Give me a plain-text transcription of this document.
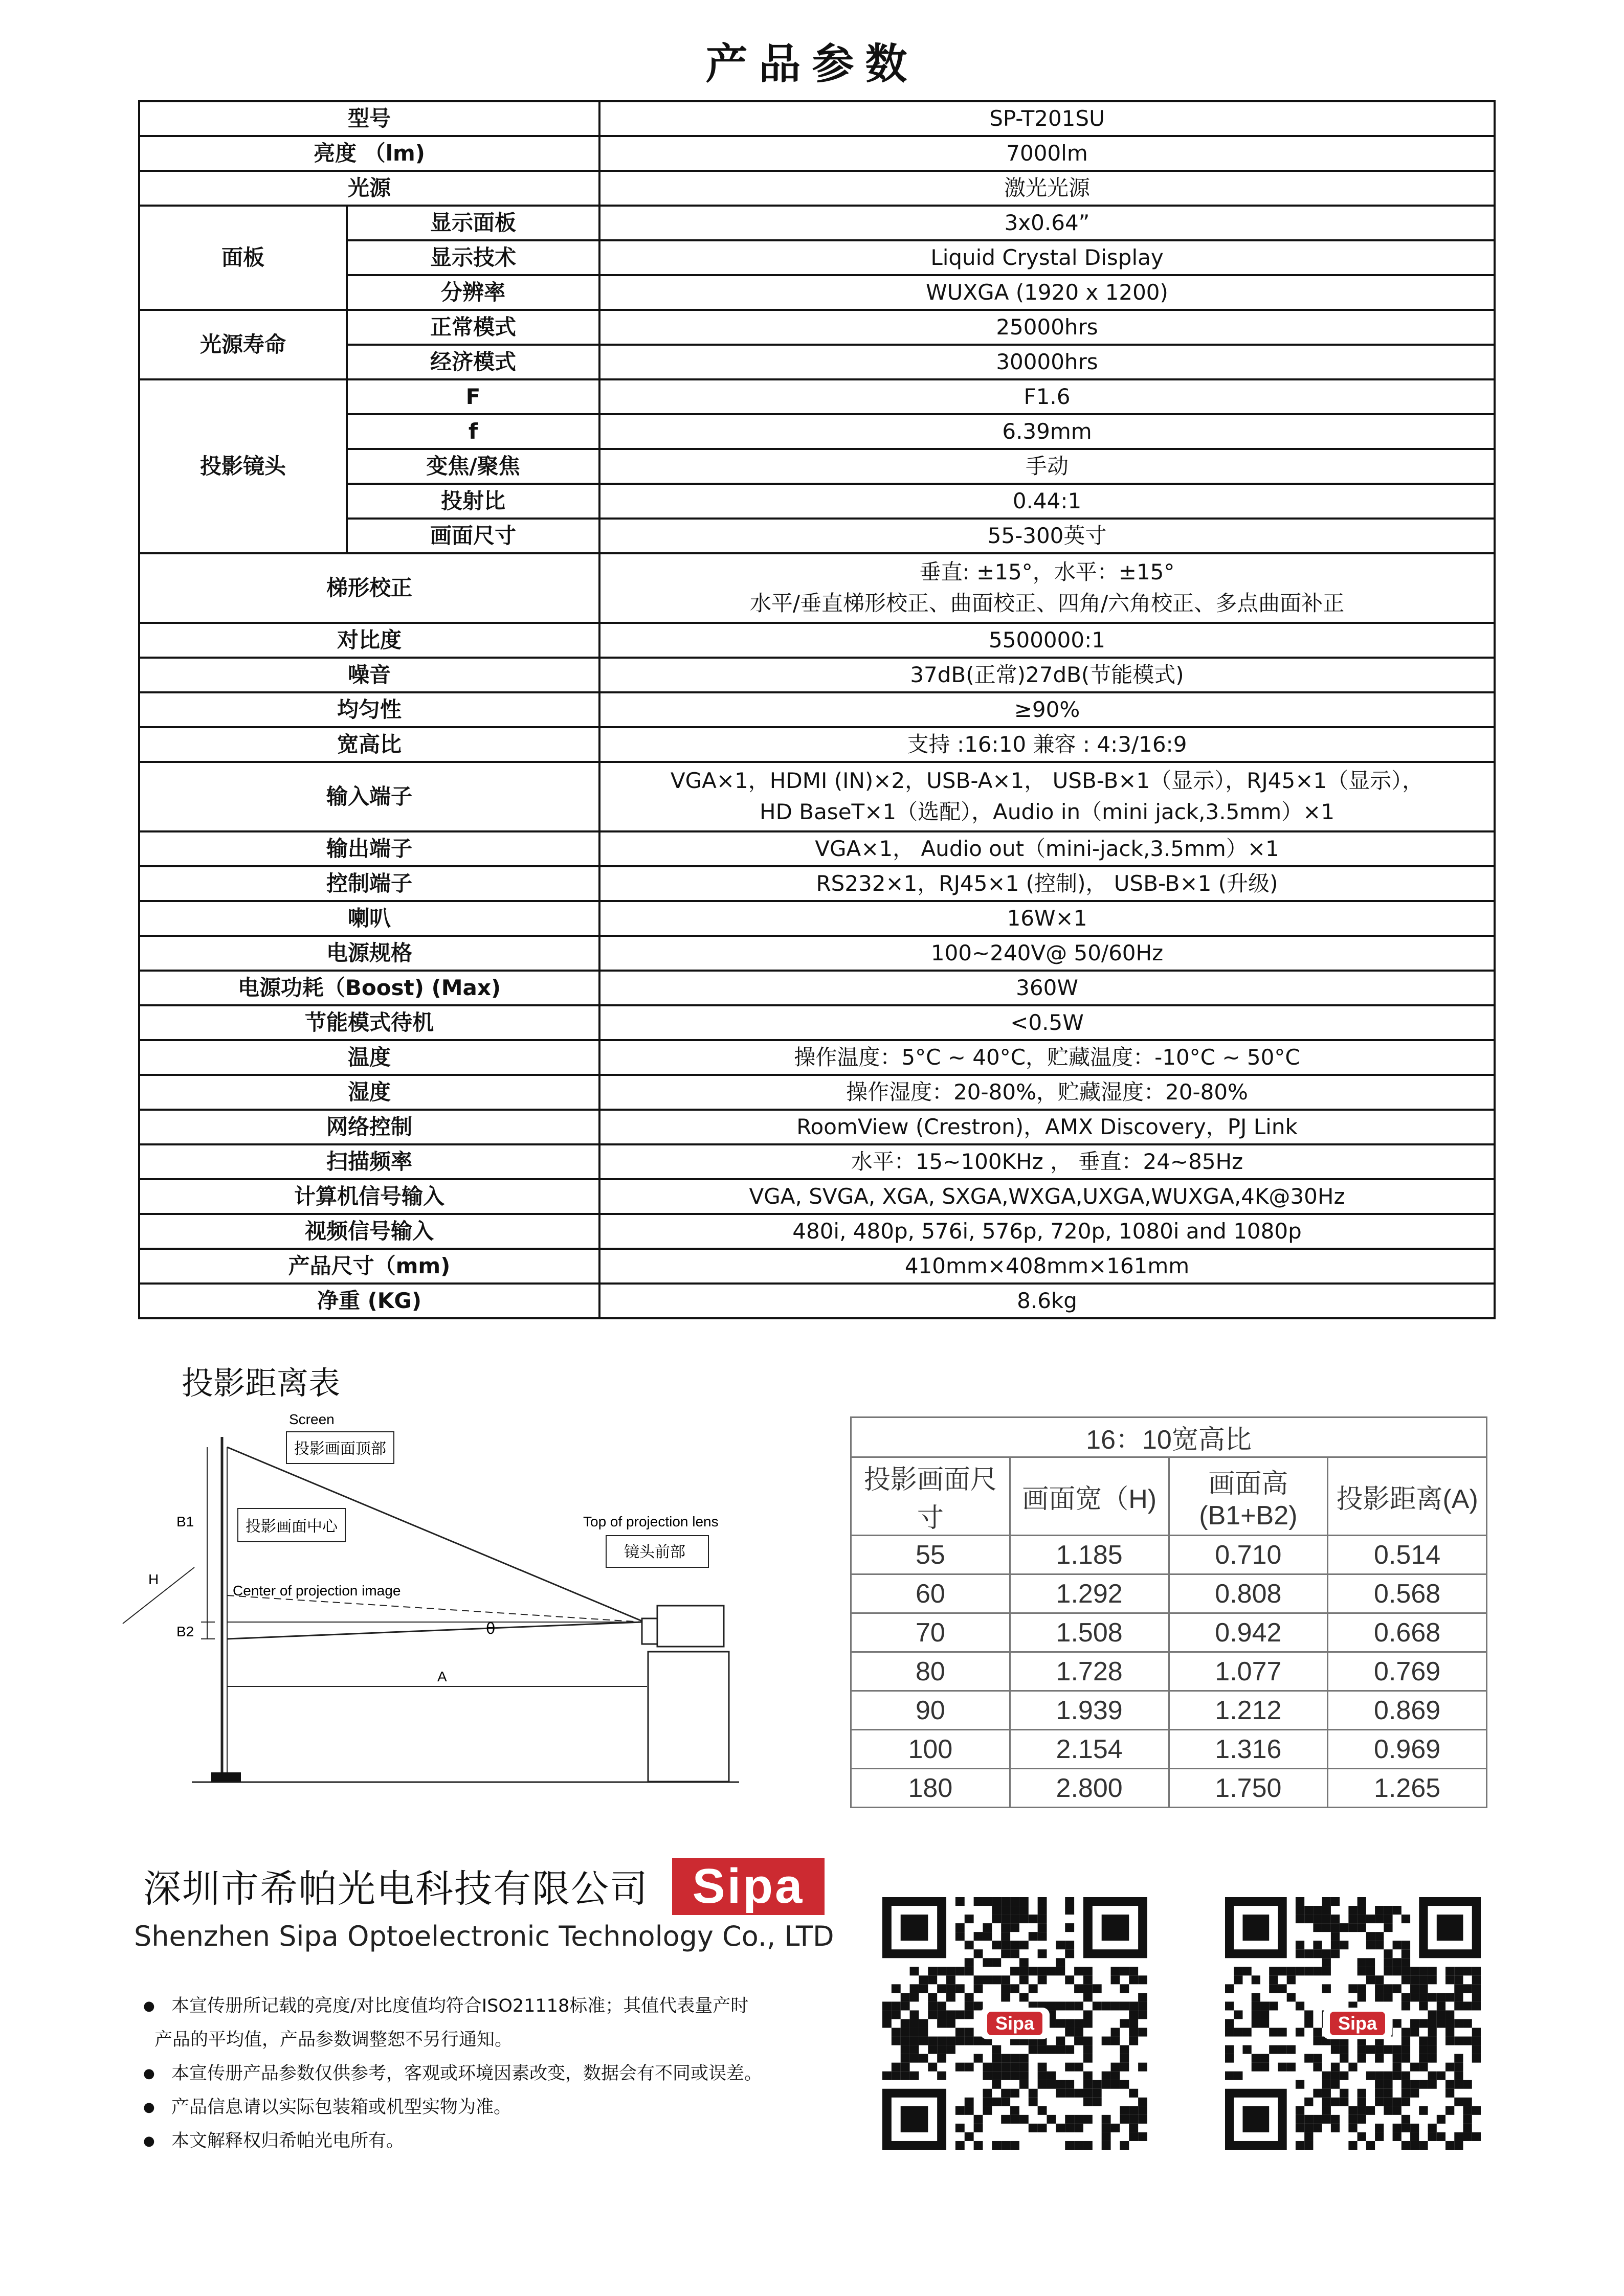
产品参数
型号		SP-T201SU
亮度 （lm)		7000lm
光源		激光光源
面板	显示面板	3x0.64”
	显示技术	Liquid Crystal Display
	分辨率	WUXGA (1920 x 1200)
光源寿命	正常模式	25000hrs
	经济模式	30000hrs
投影镜头	F	F1.6
	f	6.39mm
	变焦/聚焦	手动
	投射比	0.44:1
	画面尺寸	55-300英寸
梯形校正		垂直: ±15°，水平：±15°
水平/垂直梯形校正、曲面校正、四角/六角校正、多点曲面补正

对比度		5500000:1
噪音		37dB(正常)27dB(节能模式)
均匀性		≥90%
宽高比		支持 :16:10 兼容 : 4:3/16:9
输入端子		VGA×1，HDMI (IN)×2，USB-A×1， USB-B×1（显示），RJ45×1（显示），
HD BaseT×1（选配），Audio in（mini jack,3.5mm）×1

输出端子		VGA×1， Audio out（mini-jack,3.5mm）×1
控制端子		RS232×1，RJ45×1 (控制)， USB-B×1 (升级)
喇叭		16W×1
电源规格		100~240V@ 50/60Hz
电源功耗（Boost) (Max)		360W
节能模式待机		<0.5W
温度		操作温度：5°C ~ 40°C，贮藏温度：-10°C ~ 50°C
湿度		操作湿度：20-80%，贮藏湿度：20-80%
网络控制		RoomView (Crestron)，AMX Discovery，PJ Link
扫描频率		水平：15~100KHz ， 垂直：24~85Hz
计算机信号输入		VGA, SVGA, XGA, SXGA,WXGA,UXGA,WUXGA,4K@30Hz
视频信号输入		480i, 480p, 576i, 576p, 720p, 1080i and 1080p
产品尺寸（mm)		410mm×408mm×161mm
净重 (KG)		8.6kg
投影距离表
B1
B2
H
A
θ
Screen
投影画面顶部
投影画面中心
Center of projection image
Top of projection lens
镜头前部
16：10宽高比			
投影画面尺寸	画面宽（H)	画面高(B1+B2)	投影距离(A)
55	1.185	0.710	0.514
60	1.292	0.808	0.568
70	1.508	0.942	0.668
80	1.728	1.077	0.769
90	1.939	1.212	0.869
100	2.154	1.316	0.969
180	2.800	1.750	1.265
深圳市希帕光电科技有限公司 Sipa
Shenzhen Sipa Optoelectronic Technology Co., LTD
● 本宣传册所记载的亮度/对比度值均符合ISO21118标准；其值代表量产时
产品的平均值，产品参数调整恕不另行通知。
● 本宣传册产品参数仅供参考，客观或环境因素改变，数据会有不同或误差。
● 产品信息请以实际包装箱或机型实物为准。
● 本文解释权归希帕光电所有。
Sipa	Sipa
